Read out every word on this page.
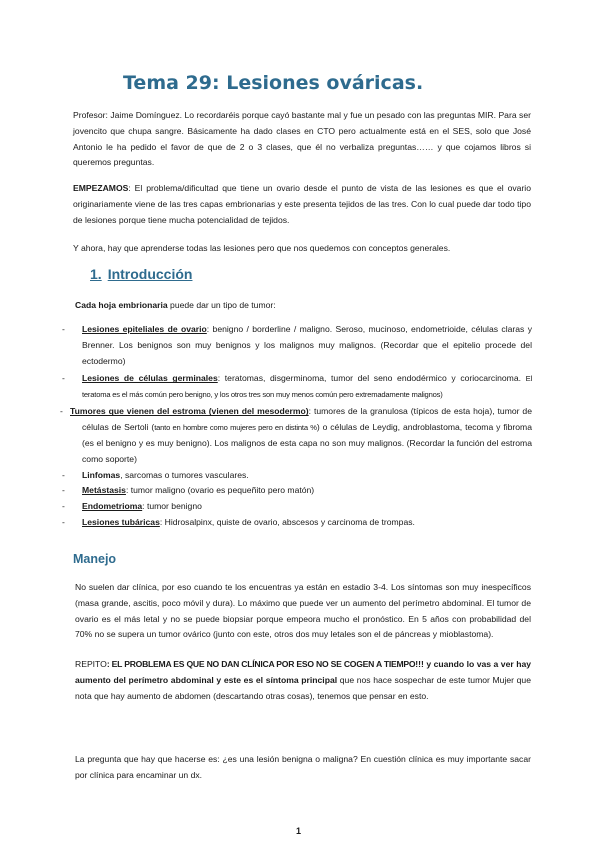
Tema 29: Lesiones ováricas.

Profesor: Jaime Domínguez. Lo recordaréis porque cayó bastante mal y fue un pesado con las preguntas MIR. Para ser jovencito que chupa sangre. Básicamente ha dado clases en CTO pero actualmente está en el SES, solo que José Antonio le ha pedido el favor de que de 2 o 3 clases, que él no verbaliza preguntas…… y que cojamos libros si queremos preguntas.

EMPEZAMOS: El problema/dificultad que tiene un ovario desde el punto de vista de las lesiones es que el ovario originariamente viene de las tres capas embrionarias y este presenta tejidos de las tres. Con lo cual puede dar todo tipo de lesiones porque tiene mucha potencialidad de tejidos.

Y ahora, hay que aprenderse todas las lesiones pero que nos quedemos con conceptos generales.

1. Introducción

Cada hoja embrionaria puede dar un tipo de tumor:

- Lesiones epiteliales de ovario: benigno / borderline / maligno. Seroso, mucinoso, endometrioide, células claras y Brenner. Los benignos son muy benignos y los malignos muy malignos. (Recordar que el epitelio procede del ectodermo)
- Lesiones de células germinales: teratomas, disgerminoma, tumor del seno endodérmico y coriocarcinoma. El teratoma es el más común pero benigno, y los otros tres son muy menos común pero extremadamente malignos)
- Tumores que vienen del estroma (vienen del mesodermo): tumores de la granulosa (típicos de esta hoja), tumor de células de Sertoli (tanto en hombre como mujeres pero en distinta %) o células de Leydig, androblastoma, tecoma y fibroma (es el benigno y es muy benigno). Los malignos de esta capa no son muy malignos. (Recordar la función del estroma como soporte)
- Linfomas, sarcomas o tumores vasculares.
- Metástasis: tumor maligno (ovario es pequeñito pero matón)
- Endometrioma: tumor benigno
- Lesiones tubáricas: Hidrosalpinx, quiste de ovario, abscesos y carcinoma de trompas.
Manejo

No suelen dar clínica, por eso cuando te los encuentras ya están en estadio 3-4. Los síntomas son muy inespecíficos (masa grande, ascitis, poco móvil y dura). Lo máximo que puede ver un aumento del perímetro abdominal. El tumor de ovario es el más letal y no se puede biopsiar porque empeora mucho el pronóstico. En 5 años con probabilidad del 70% no se supera un tumor ovárico (junto con este, otros dos muy letales son el de páncreas y mioblastoma).

REPITO: EL PROBLEMA ES QUE NO DAN CLÍNICA POR ESO NO SE COGEN A TIEMPO!!! y cuando lo vas a ver hay aumento del perímetro abdominal y este es el síntoma principal que nos hace sospechar de este tumor Mujer que nota que hay aumento de abdomen (descartando otras cosas), tenemos que pensar en esto.

La pregunta que hay que hacerse es: ¿es una lesión benigna o maligna? En cuestión clínica es muy importante sacar por clínica para encaminar un dx.

1
